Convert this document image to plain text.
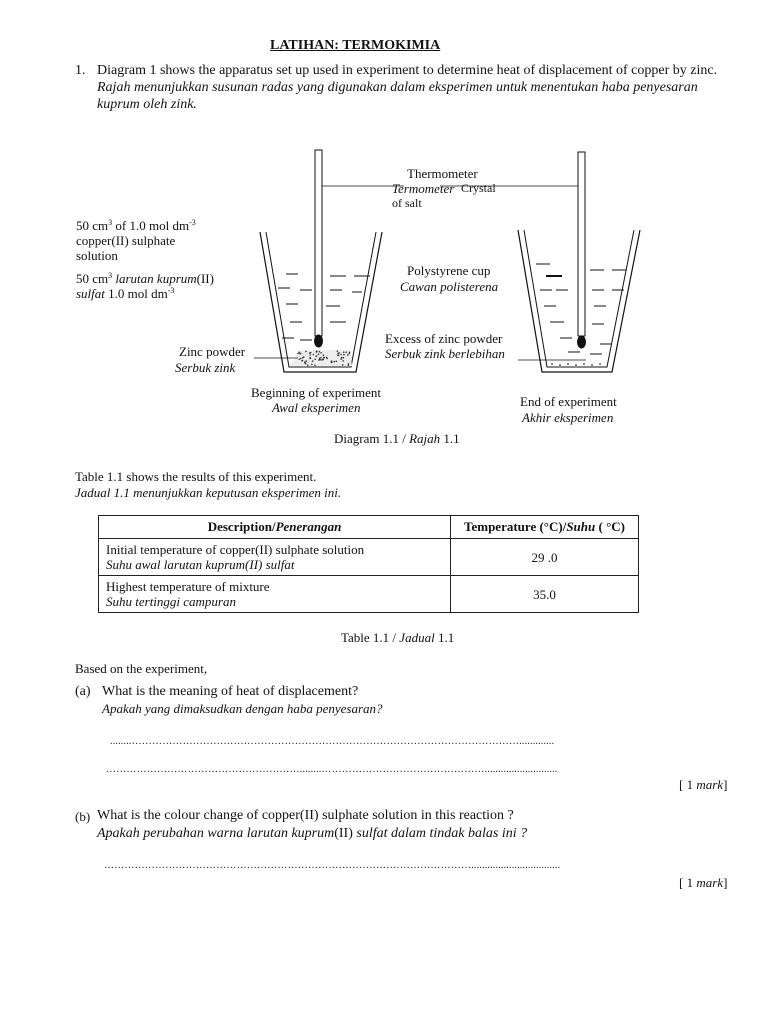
LATIHAN: TERMOKIMIA
1. Diagram 1 shows the apparatus set up used in experiment to determine heat of displacement of copper by zinc.
Rajah menunjukkan susunan radas yang digunakan dalam eksperimen untuk menentukan haba penyesaran kuprum oleh zink.
50 $cm^3$ of 1.0 mol $dm^{-3}$
copper(II) sulphate
solution
50 $cm^3$ larutan kuprum(II)
sulfat 1.0 mol $dm^{-3}$
Thermometer
Termometer Crystal
of salt
Polystyrene cup
Cawan polisterena
Excess of zinc powder
Serbuk zink berlebihan
Zinc powder
Serbuk zink
Beginning of experiment
Awal eksperimen	End of experiment
Akhir eksperimen
Diagram 1.1 / Rajah 1.1
Table 1.1 shows the results of this experiment.
Jadual 1.1 menunjukkan keputusan eksperimen ini.
Description/Penerangan	Temperature (°C)/Suhu ( °C)

Initial temperature of copper(II) sulphate solution
Suhu awal larutan kuprum(II) sulfat	29 .0

Highest temperature of mixture
Suhu tertinggi campuran	35.0
Table 1.1 / Jadual 1.1
Based on the experiment,
(a) What is the meaning of heat of displacement?
Apakah yang dimaksudkan dengan haba penyesaran?
........…………………………………………………………………………………………………….............
…………………………………………………........…………………………………………...........................
[ 1 mark]
(b) What is the colour change of copper(II) sulphate solution in this reaction ?
Apakah perubahan warna larutan kuprum(II) sulfat dalam tindak balas ini ?
……………………………………………………………………………………………….................................
[ 1 mark]
